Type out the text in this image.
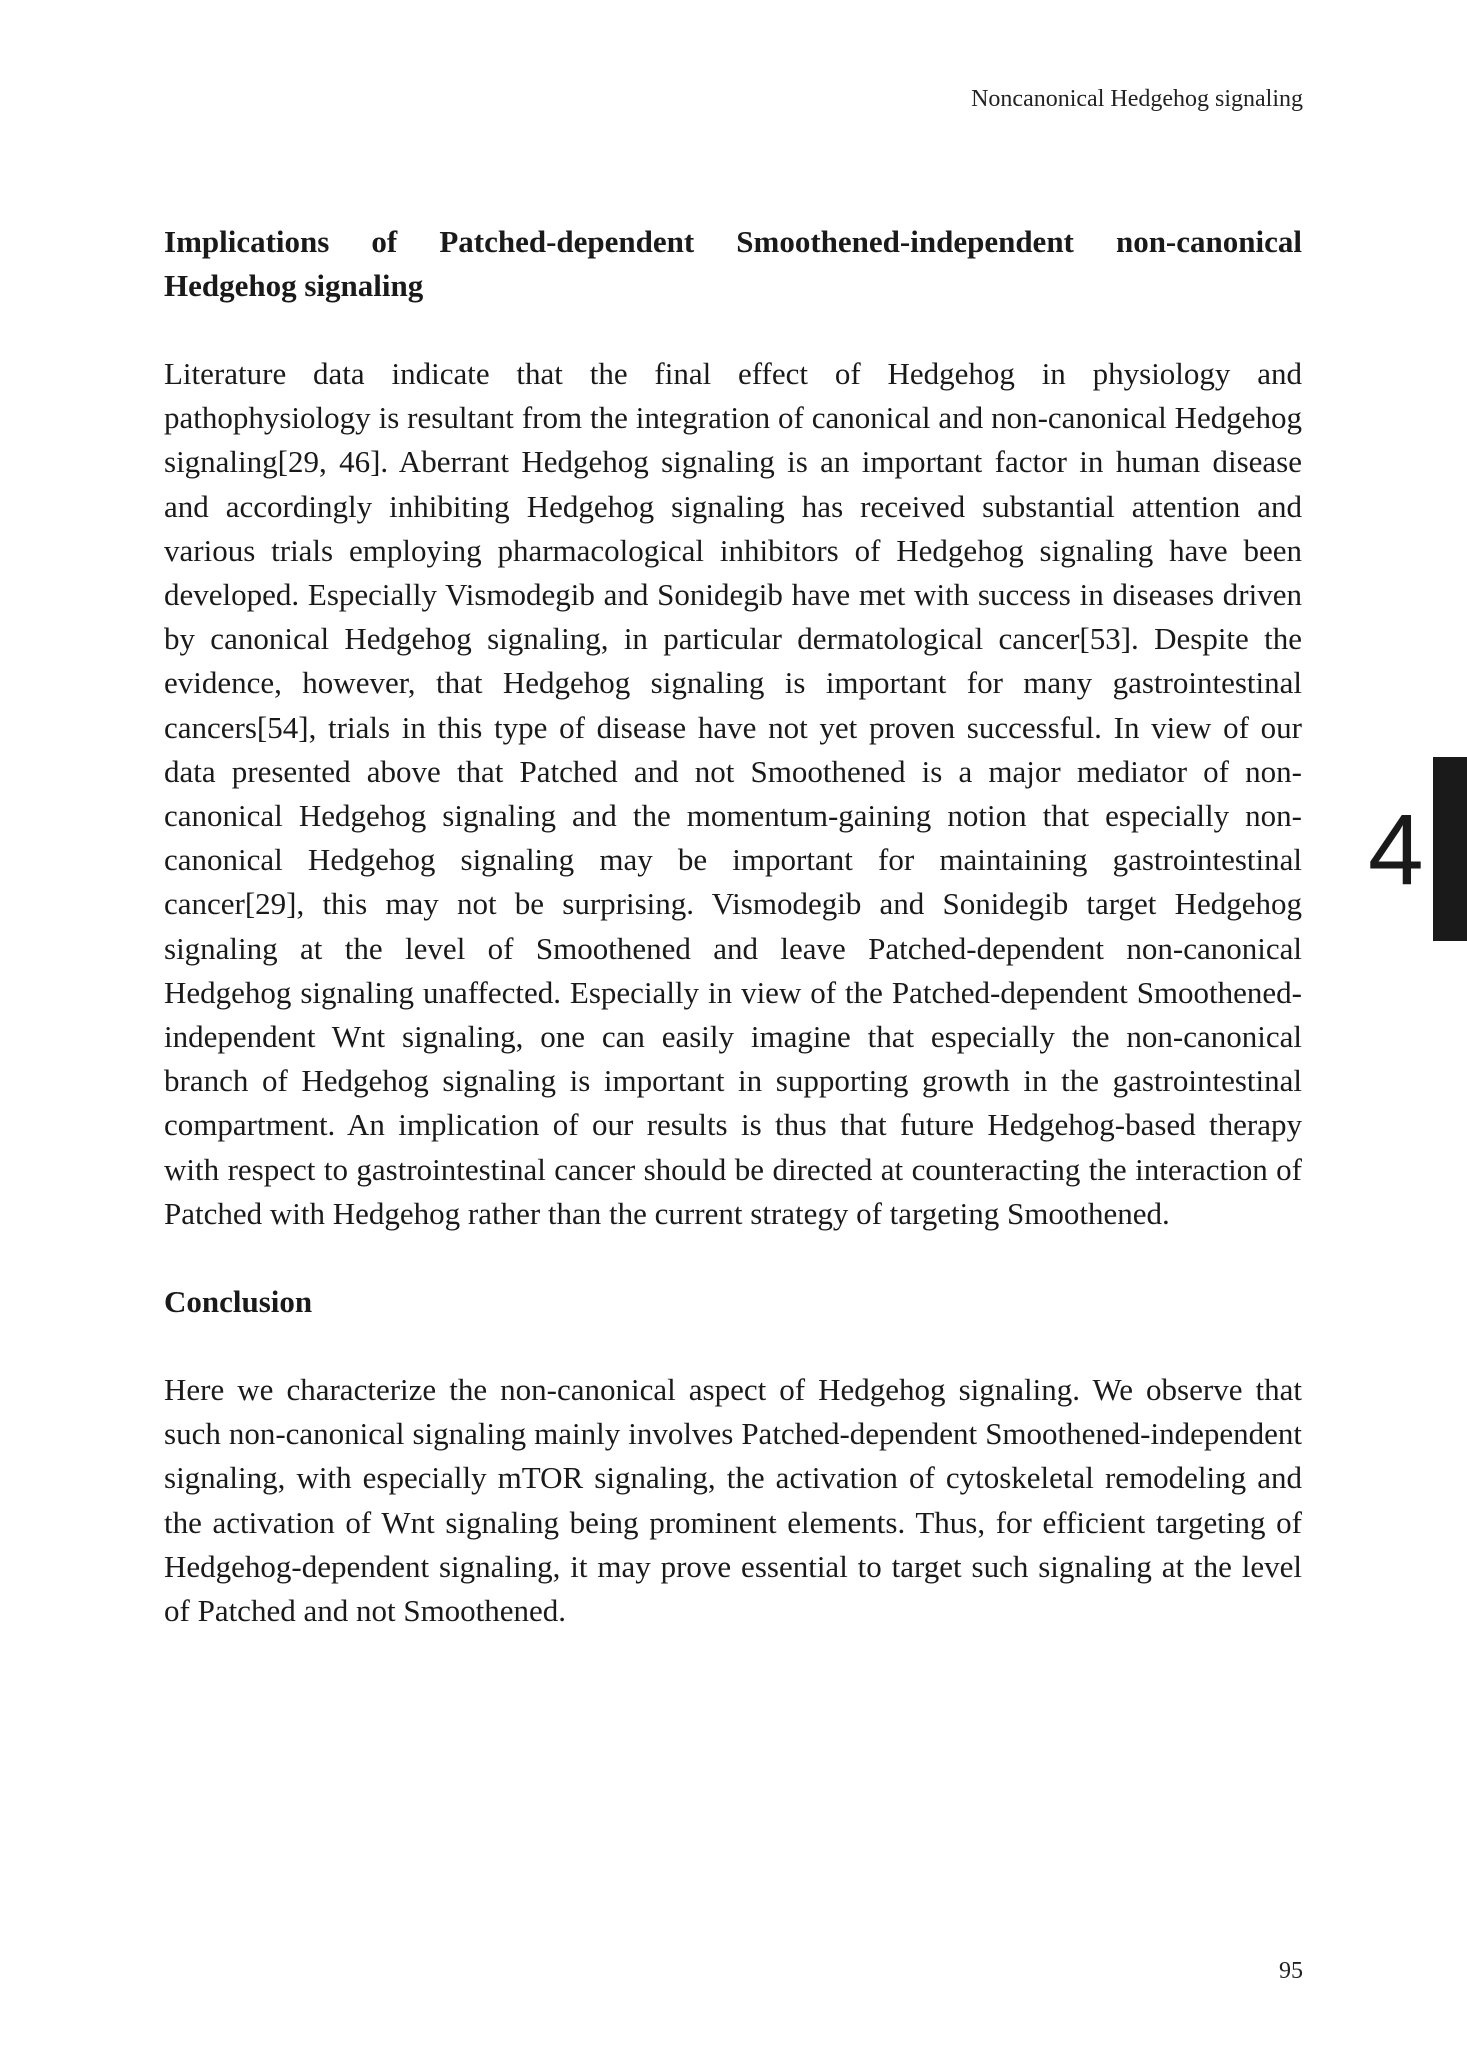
Noncanonical Hedgehog signaling

Implications of Patched-dependent Smoothened-independent non-canonical Hedgehog signaling

Literature data indicate that the final effect of Hedgehog in physiology and pathophysiology is resultant from the integration of canonical and non-canonical Hedgehog signaling[29, 46]. Aberrant Hedgehog signaling is an important factor in human disease and accordingly inhibiting Hedgehog signaling has received substantial attention and various trials employing pharmacological inhibitors of Hedgehog signaling have been developed. Especially Vismodegib and Sonidegib have met with success in diseases driven by canonical Hedgehog signaling, in particular dermatological cancer[53]. Despite the evidence, however, that Hedgehog signaling is important for many gastrointestinal cancers[54], trials in this type of disease have not yet proven successful. In view of our data presented above that Patched and not Smoothened is a major mediator of non-canonical Hedgehog signaling and the momentum-gaining notion that especially non-canonical Hedgehog signaling may be important for maintaining gastrointestinal cancer[29], this may not be surprising. Vismodegib and Sonidegib target Hedgehog signaling at the level of Smoothened and leave Patched-dependent non-canonical Hedgehog signaling unaffected. Especially in view of the Patched-dependent Smoothened-independent Wnt signaling, one can easily imagine that especially the non-canonical branch of Hedgehog signaling is important in supporting growth in the gastrointestinal compartment. An implication of our results is thus that future Hedgehog-based therapy with respect to gastrointestinal cancer should be directed at counteracting the interaction of Patched with Hedgehog rather than the current strategy of targeting Smoothened.

Conclusion

Here we characterize the non-canonical aspect of Hedgehog signaling. We observe that such non-canonical signaling mainly involves Patched-dependent Smoothened-independent signaling, with especially mTOR signaling, the activation of cytoskeletal remodeling and the activation of Wnt signaling being prominent elements. Thus, for efficient targeting of Hedgehog-dependent signaling, it may prove essential to target such signaling at the level of Patched and not Smoothened.

4
95
